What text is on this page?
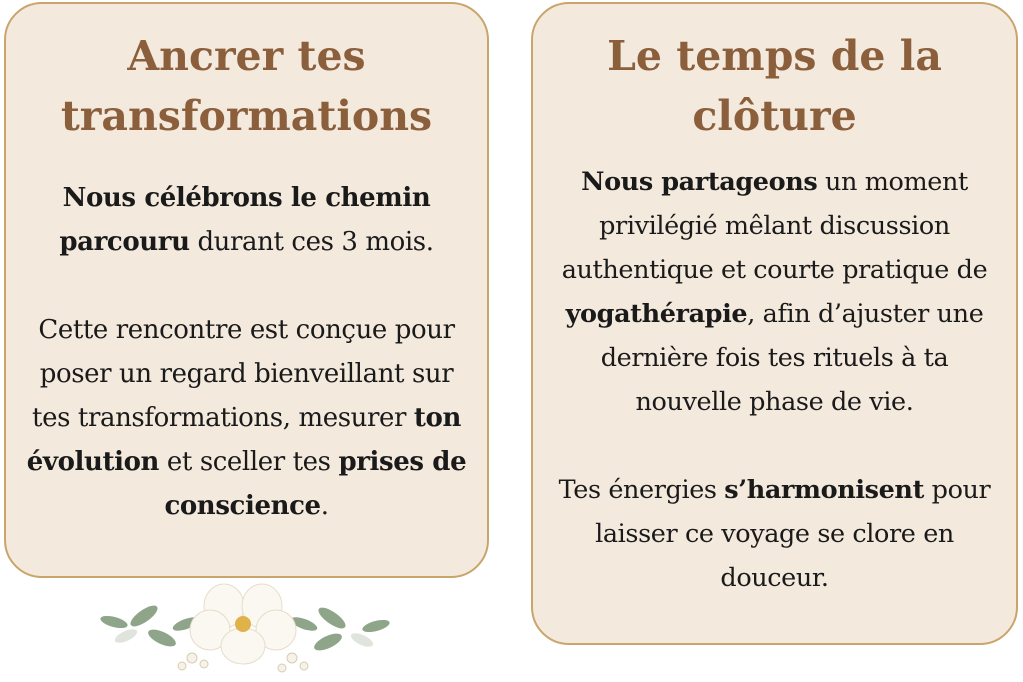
Ancrer tes
transformations

Nous célébrons le chemin parcouru durant ces 3 mois.

Cette rencontre est conçue pour poser un regard bienveillant sur tes transformations, mesurer ton évolution et sceller tes prises de conscience.

Le temps de la
clôture

Nous partageons un moment privilégié mêlant discussion authentique et courte pratique de yogathérapie, afin d’ajuster une dernière fois tes rituels à ta nouvelle phase de vie.

Tes énergies s’harmonisent pour laisser ce voyage se clore en douceur.
